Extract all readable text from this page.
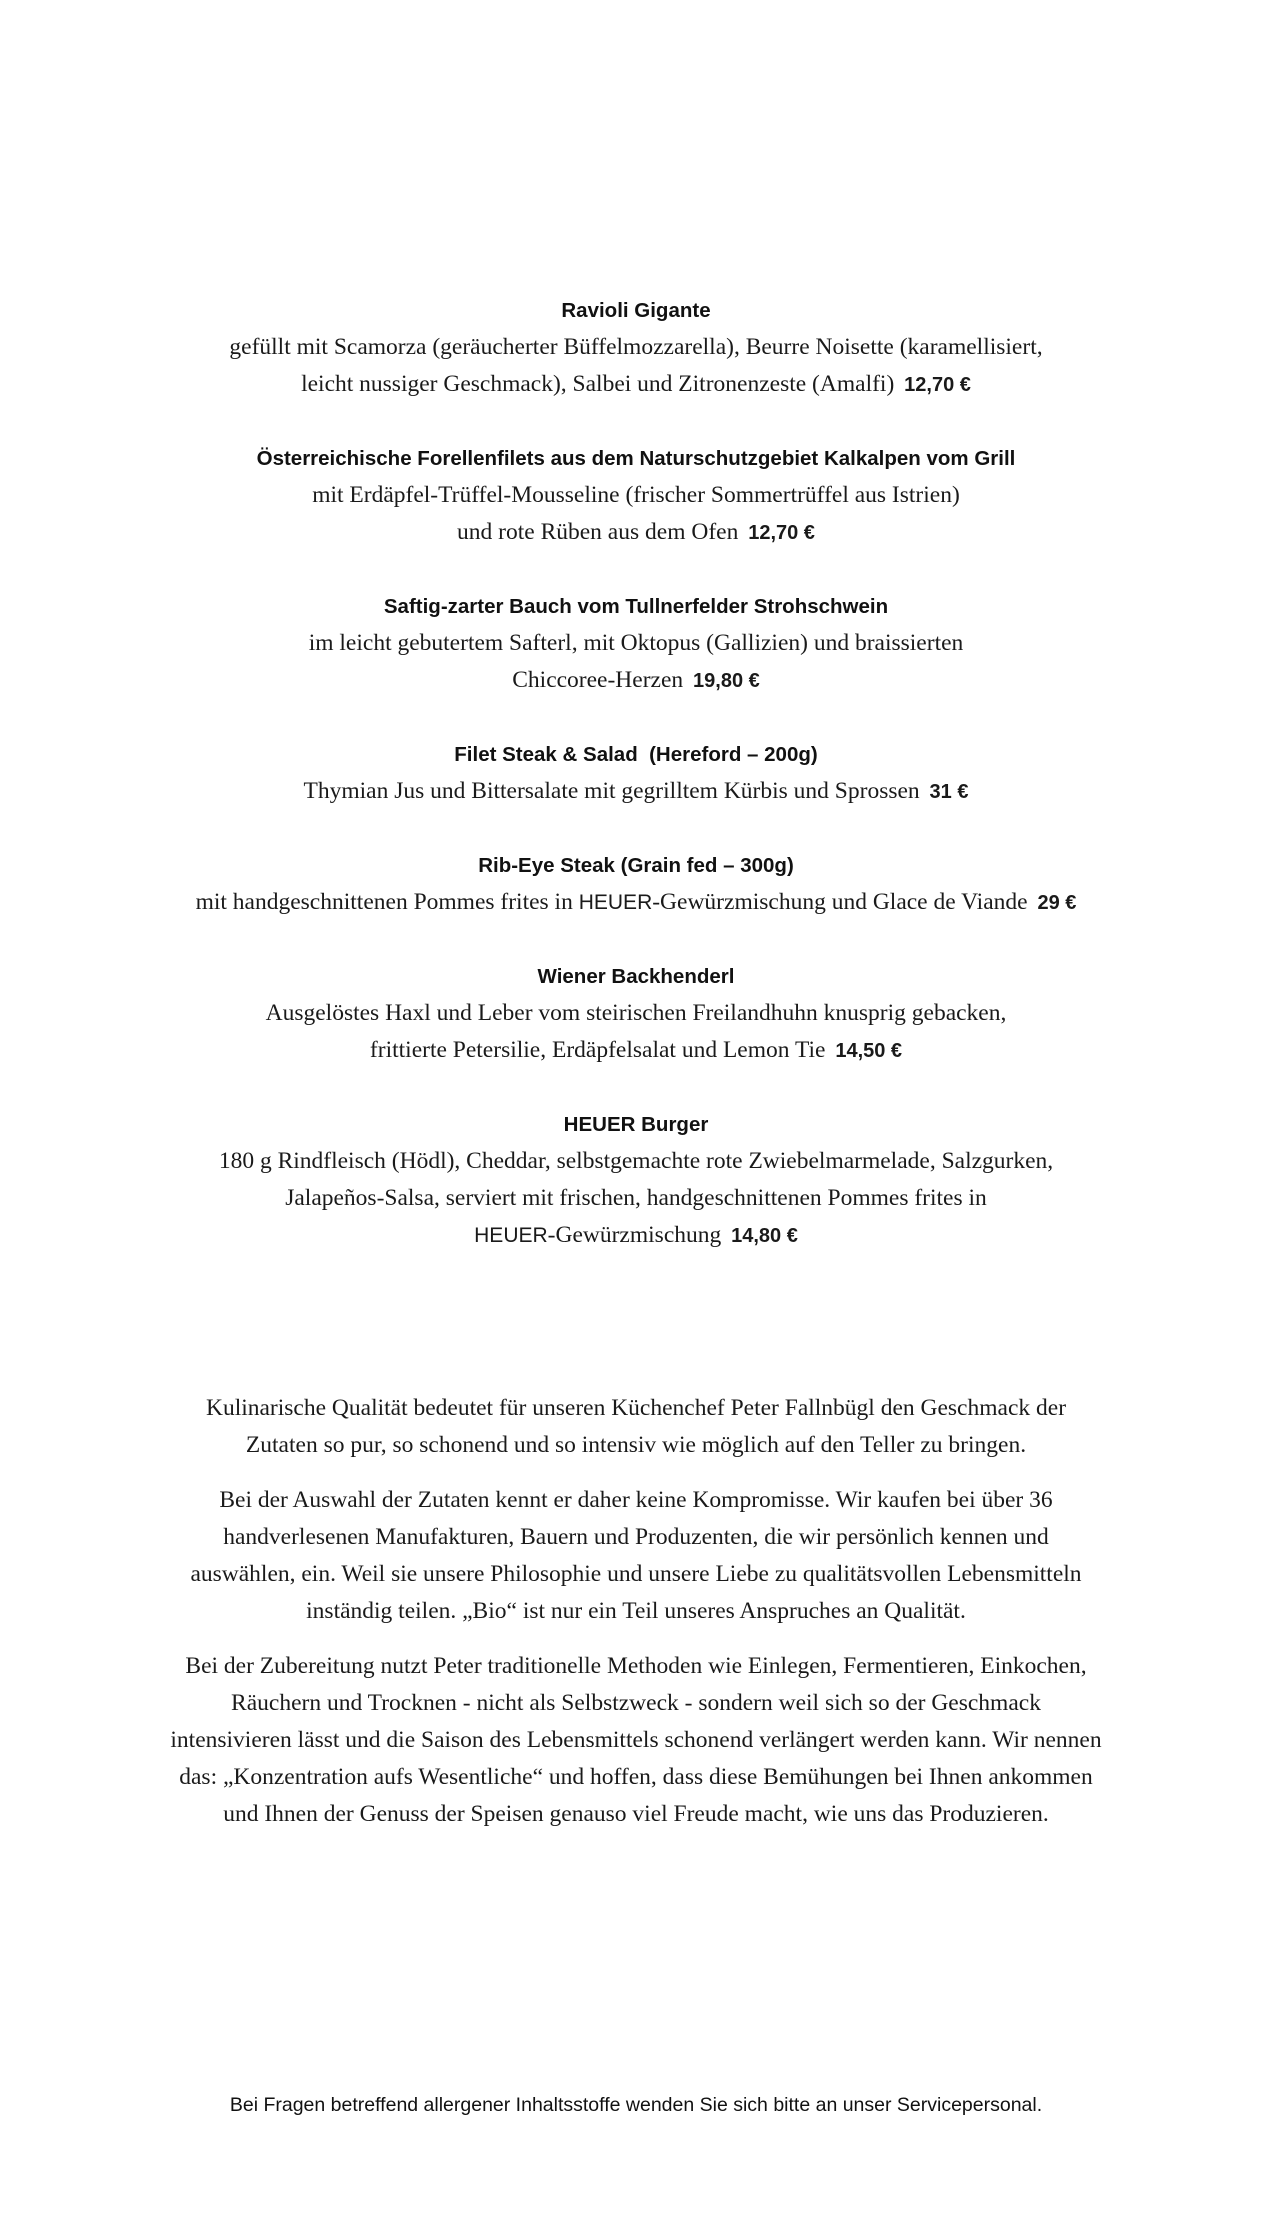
Ravioli Gigante
gefüllt mit Scamorza (geräucherter Büffelmozzarella), Beurre Noisette (karamellisiert,
leicht nussiger Geschmack), Salbei und Zitronenzeste (Amalfi) 12,70 €
Österreichische Forellenfilets aus dem Naturschutzgebiet Kalkalpen vom Grill
mit Erdäpfel-Trüffel-Mousseline (frischer Sommertrüffel aus Istrien)
und rote Rüben aus dem Ofen 12,70 €
Saftig-zarter Bauch vom Tullnerfelder Strohschwein
im leicht gebutertem Safterl, mit Oktopus (Gallizien) und braissierten
Chiccoree-Herzen 19,80 €
Filet Steak & Salad  (Hereford – 200g)
Thymian Jus und Bittersalate mit gegrilltem Kürbis und Sprossen 31 €
Rib-Eye Steak (Grain fed – 300g)
mit handgeschnittenen Pommes frites in HEUER-Gewürzmischung und Glace de Viande 29 €
Wiener Backhenderl
Ausgelöstes Haxl und Leber vom steirischen Freilandhuhn knusprig gebacken,
frittierte Petersilie, Erdäpfelsalat und Lemon Tie 14,50 €
HEUER Burger
180 g Rindfleisch (Hödl), Cheddar, selbstgemachte rote Zwiebelmarmelade, Salzgurken,
Jalapeños-Salsa, serviert mit frischen, handgeschnittenen Pommes frites in
HEUER-Gewürzmischung 14,80 €

Kulinarische Qualität bedeutet für unseren Küchenchef Peter Fallnbügl den Geschmack der Zutaten so pur, so schonend und so intensiv wie möglich auf den Teller zu bringen.

Bei der Auswahl der Zutaten kennt er daher keine Kompromisse. Wir kaufen bei über 36 handverlesenen Manufakturen, Bauern und Produzenten, die wir persönlich kennen und auswählen, ein. Weil sie unsere Philosophie und unsere Liebe zu qualitätsvollen Lebensmitteln inständig teilen. „Bio“ ist nur ein Teil unseres Anspruches an Qualität.

Bei der Zubereitung nutzt Peter traditionelle Methoden wie Einlegen, Fermentieren, Einkochen, Räuchern und Trocknen - nicht als Selbstzweck - sondern weil sich so der Geschmack intensivieren lässt und die Saison des Lebensmittels schonend verlängert werden kann. Wir nennen das: „Konzentration aufs Wesentliche“ und hoffen, dass diese Bemühungen bei Ihnen ankommen und Ihnen der Genuss der Speisen genauso viel Freude macht, wie uns das Produzieren.

Bei Fragen betreffend allergener Inhaltsstoffe wenden Sie sich bitte an unser Servicepersonal.
